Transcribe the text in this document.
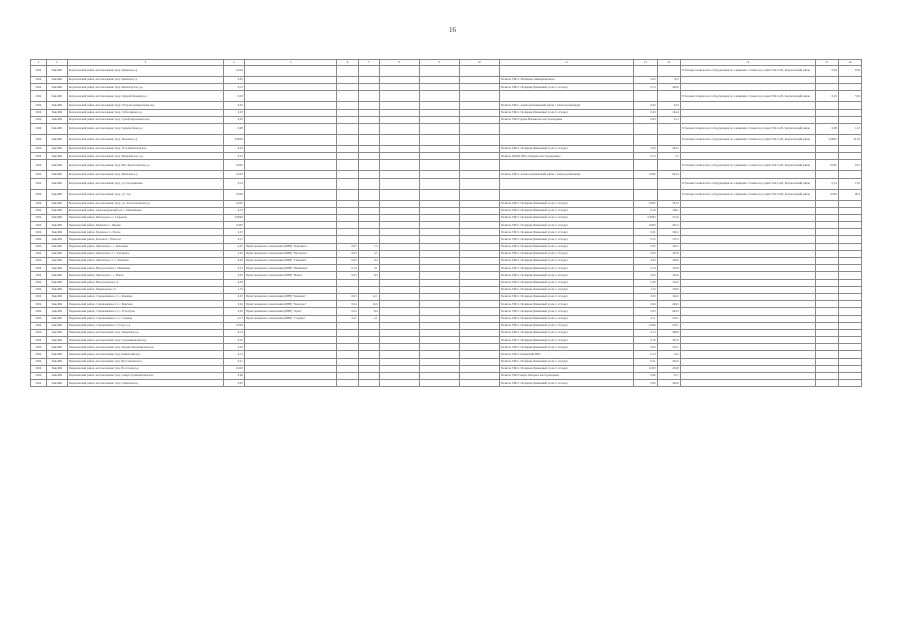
16
1	2	3	4	5	6	7	8	9	10	11	12	13	14	15	16
2024	Заяв.МК	Корчаловский район, использование трад. Цементы р-р	0,004										Установка технического оборудования по очищению сточных вод серии VOLCAN, Корчаловский район	0,04	67,8
2024	Заяв.МК	Корчаловский район, использование трад. Цементы р-р	0,03							Полигон ТБО г. Мобильно-ликвидационное	0,03	70,3			
2024	Заяв.МК	Корчаловский район, использование трад. Мыловодство р-р	0,13							Полигон ТБО г. Полярная (Каменный уголь С отходы)	0,13	428,0			
2024	Заяв.МК	Корчаловский район, использование трад. Гидрофобизация р-р	0,03										Установка технического оборудования по очищению сточных вод серии VOLCAN, Корчаловский район	0,03	53,9
2024	Заяв.МК	Корчаловский район, использование трад. Отгрузка минеральная вод.	0,02							Полигон ТБО г. Алмазодобывающий район с Алмазодобывающе	0,02	52,9			
2024	Заяв.МК	Корчаловский район, использование трад. Субполярная р-р	0,03							Полигон ТБО г. Полярная (Каменный уголь С отходы)	0,03	164,4			
2024	Заяв.МК	Корчаловский район, использование трад. Сульфатированная вод.	0,03							Полигон ТБО Средне-Нарьянское месторождение	0,03	12,1			
2024	Заяв.МК	Корчаловский район, использование трад. Гидрофобная р-р	0,08										Установка технического оборудования по очищению сточных вод серии VOLCAN, Корчаловский район	0,08	12,3
2024	Заяв.МК	Корчаловский район, использование трад. Звоновая р-р	0,0003										Установка технического оборудования по очищению сточных вод серии VOLCAN, Корчаловский район	0,0003	541,8
2024	Заяв.МК	Корчаловский район, использование трад. Усть-Каменская вод.	0,03							Полигон ТБО г. Полярная (Каменный уголь С отходы)	0,03	264,1			
2024	Заяв.МК	Корчаловский район, использование трад. Мыльная вод. р-р	0,13							Полигон ПОДО (Юго-Западное месторождение)	0,13	2,5			
2024	Заяв.МК	Корчаловский район, использование трад. Юго-Корчаловская р-р	0,005										Установка технического оборудования по очищению сточных вод серии VOLCAN, Корчаловский район	0,005	63,5
2024	Заяв.МК	Корчаловский район, использование трад. Мыльная р-р	0,003							Полигон ТБО г. Алмазодобывающий район с Алмазодобывающе	0,003	94,23			
2024	Заяв.МК	Корчаловский район, использование трад., ул. Пограничная	0,14										Установка технического оборудования по очищению сточных вод серии VOLCAN, Корчаловский район	0,14	13,6
2024	Заяв.МК	Корчаловский район, использование трад., ул. тер.	0,004										Установка технического оборудования по очищению сточных вод серии VOLCAN, Корчаловский район	0,004	96,4
2024	Заяв.МК	Корчаловский район, использование трад., ул. Аполлоновская р-р	0,005							Полигон ТБО г. Полярная (Каменный уголь С отходы)	0,005	19,57			
2024	Заяв.МК	Корчаловский район, Александровский р-н, с. Михайловка	0,19							Полигон ТБО г. Полярная (Каменный уголь С отходы)	0,19	108,1			
2024	Заяв.МК	Перевальский район, Зимородское с. Садыкова	0,0002							Полигон ТБО г. Полярная (Каменный уголь С отходы)	0,0002	213,6			
2024	Заяв.МК	Перевальский район, Зимовское с. Явлене	0,003							Полигон ТБО г. Полярная (Каменный уголь С отходы)	0,003	225,3			
2024	Заяв.МК	Перевальский район, Зарадное ст. с Белое	0,01							Полигон ТБО г. Полярная (Каменный уголь С отходы)	0,01	196,2			
2024	Заяв.МК	Перевальский район, Звоновое с. Новосел	0,15							Полигон ТБО г. Полярная (Каменный уголь С отходы)	0,15	135,3			
2024	Заяв.МК	Перевальский район, Гниловское с. с. Ключевое	0,05	Пункт временного накопления (ПВН) "Ключевое"	0,05	7,5				Полигон ТБО г. Полярная (Каменный уголь С отходы)	0,05	195,5			
2024	Заяв.МК	Перевальский район, Гниловское ст. с. Бутовское	0,03	Пункт временного накопления (ПВН) "Бутовское"	0,03	3,7				Полигон ТБО г. Полярная (Каменный уголь С отходы)	0,03	195,8			
2024	Заяв.МК	Перевальский район, Гниловское ст. с. Гниловка	0,02	Пункт временного накопления (ПВН) "Гниловка"	0,02	6,4				Полигон ТБО г. Полярная (Каменный уголь С отходы)	0,02	190,9			
2024	Заяв.МК	Перевальский район, Новоселовское с. Шмаковка	0,14	Пункт временного накопления (ПВН) "Шмаковка"	0,14	3,1				Полигон ТБО г. Полярная (Каменный уголь С отходы)	0,14	193,8			
2024	Заяв.МК	Перевальский район, Гниловское с. с. Новое	0,03	Пункт временного накопления (ПВН) "Новое"	0,03	8,3				Полигон ТБО г. Полярная (Каменный уголь С отходы)	0,03	193,0			
2024	Заяв.МК	Перевальский район, Новосельевское ст.	0,30							Полигон ТБО г. Полярная (Каменный уголь С отходы)	0,30	164,5			
2024	Заяв.МК	Перевальский район, Перевальское ст.	1,72							Полигон ТБО г. Полярная (Каменный уголь С отходы)	1,72	158,9			
2024	Заяв.МК	Перевальский район, Старокаменное ст. с. Каменка	0,03	Пункт временного накопления (ПВН) "Каменка"	0,03	12,1				Полигон ТБО г. Полярная (Каменный уголь С отходы)	0,03	164,5			
2024	Заяв.МК	Перевальский район, Старокаменное ст. с. Берёзово	0,04	Пункт временного накопления (ПВН) "Березово"	0,04	10,0				Полигон ТБО г. Полярная (Каменный уголь С отходы)	0,04	249,2			
2024	Заяв.МК	Перевальский район, Старокаменное ст. с. Усть-Лужа	0,03	Пункт временного накопления (ПВН) "Лужа"	0,03	8,4				Полигон ТБО г. Полярная (Каменный уголь С отходы)	0,03	264,3			
2024	Заяв.МК	Перевальский район, Старокаменное ст. с. Старица	0,11	Пункт временного накопления (ПВН) "Старица"	0,11	2,1				Полигон ТБО г. Полярная (Каменный уголь С отходы)	0,11	256,1			
2024	Заяв.МК	Перевальский район, Старокаменное ст. Торд. р-р	0,004							Полигон ТБО г. Полярная (Каменный уголь С отходы)	0,004	276,1			
2024	Заяв.МК	Перевальский район, использование трад. Зарничная р-р	0,13							Полигон ТБО г. Полярная (Каменный уголь С отходы)	0,13	280,0			
2024	Заяв.МК	Перевальский район, использование трад. Гуровчиковская вод.	0,16							Полигон ТБО г. Полярная (Каменный уголь С отходы)	0,16	307,0			
2024	Заяв.МК	Перевальский район, использование трад. Западно-Фольчинская вод.	0,03							Полигон ТБО г. Полярная (Каменный уголь С отходы)	0,03	354,1			
2024	Заяв.МК	Перевальский район, использование трад. Каменский вод.	0,13							Полигон ТБО г. Каменский НПЗ	0,13	14,2			
2024	Заяв.МК	Перевальский район, использование трад. Бугучанская вод.	0,21							Полигон ТБО г. Полярная (Каменный уголь С отходы)	0,21	304,3			
2024	Заяв.МК	Перевальский район, использование трад. Восточная р-р	0,003							Полигон ТБО г. Полярная (Каменный уголь С отходы)	0,003	239,8			
2024	Заяв.МК	Перевальский район, использование трад. Северо-Гремяченская вод.	0,06							Полигон ТБО Северо-Западное месторождение	0,06	25,7			
2024	Заяв.МК	Перевальский район, использование трад. Гремячая вод.	0,05							Полигон ТБО г. Полярная (Каменный уголь С отходы)	0,05	346,0			
